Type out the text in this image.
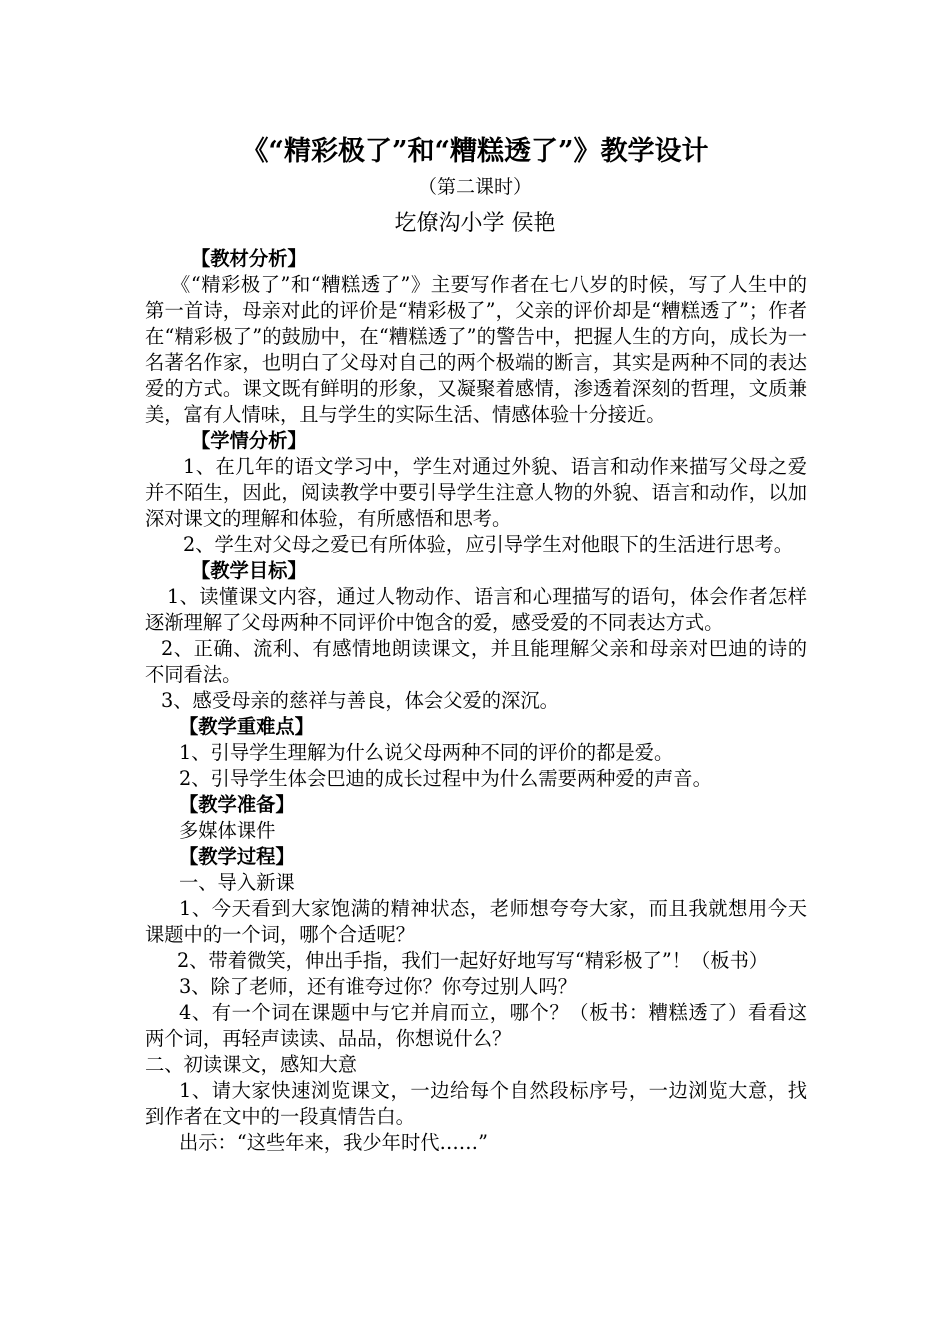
《“精彩极了”和“糟糕透了”》教学设计
（第二课时）
圪僚沟小学 侯艳

【教材分析】

《“精彩极了”和“糟糕透了”》主要写作者在七八岁的时候，写了人生中的第一首诗，母亲对此的评价是“精彩极了”，父亲的评价却是“糟糕透了”；作者在“精彩极了”的鼓励中，在“糟糕透了”的警告中，把握人生的方向，成长为一名著名作家，也明白了父母对自己的两个极端的断言，其实是两种不同的表达爱的方式。课文既有鲜明的形象，又凝聚着感情，渗透着深刻的哲理，文质兼美，富有人情味，且与学生的实际生活、情感体验十分接近。

【学情分析】

1、在几年的语文学习中，学生对通过外貌、语言和动作来描写父母之爱并不陌生，因此，阅读教学中要引导学生注意人物的外貌、语言和动作，以加深对课文的理解和体验，有所感悟和思考。

2、学生对父母之爱已有所体验，应引导学生对他眼下的生活进行思考。

【教学目标】

1、读懂课文内容，通过人物动作、语言和心理描写的语句，体会作者怎样逐渐理解了父母两种不同评价中饱含的爱，感受爱的不同表达方式。

2、正确、流利、有感情地朗读课文，并且能理解父亲和母亲对巴迪的诗的不同看法。

3、感受母亲的慈祥与善良，体会父爱的深沉。

【教学重难点】

1、引导学生理解为什么说父母两种不同的评价的都是爱。

2、引导学生体会巴迪的成长过程中为什么需要两种爱的声音。

【教学准备】

多媒体课件

【教学过程】

一、导入新课

1、今天看到大家饱满的精神状态，老师想夸夸大家，而且我就想用今天课题中的一个词，哪个合适呢？

2、带着微笑，伸出手指，我们一起好好地写写“精彩极了”！（板书）

3、除了老师，还有谁夸过你？你夸过别人吗？

4、有一个词在课题中与它并肩而立，哪个？（板书：糟糕透了）看看这两个词，再轻声读读、品品，你想说什么？

二、初读课文，感知大意

1、请大家快速浏览课文，一边给每个自然段标序号，一边浏览大意，找到作者在文中的一段真情告白。

出示：“这些年来，我少年时代……”
